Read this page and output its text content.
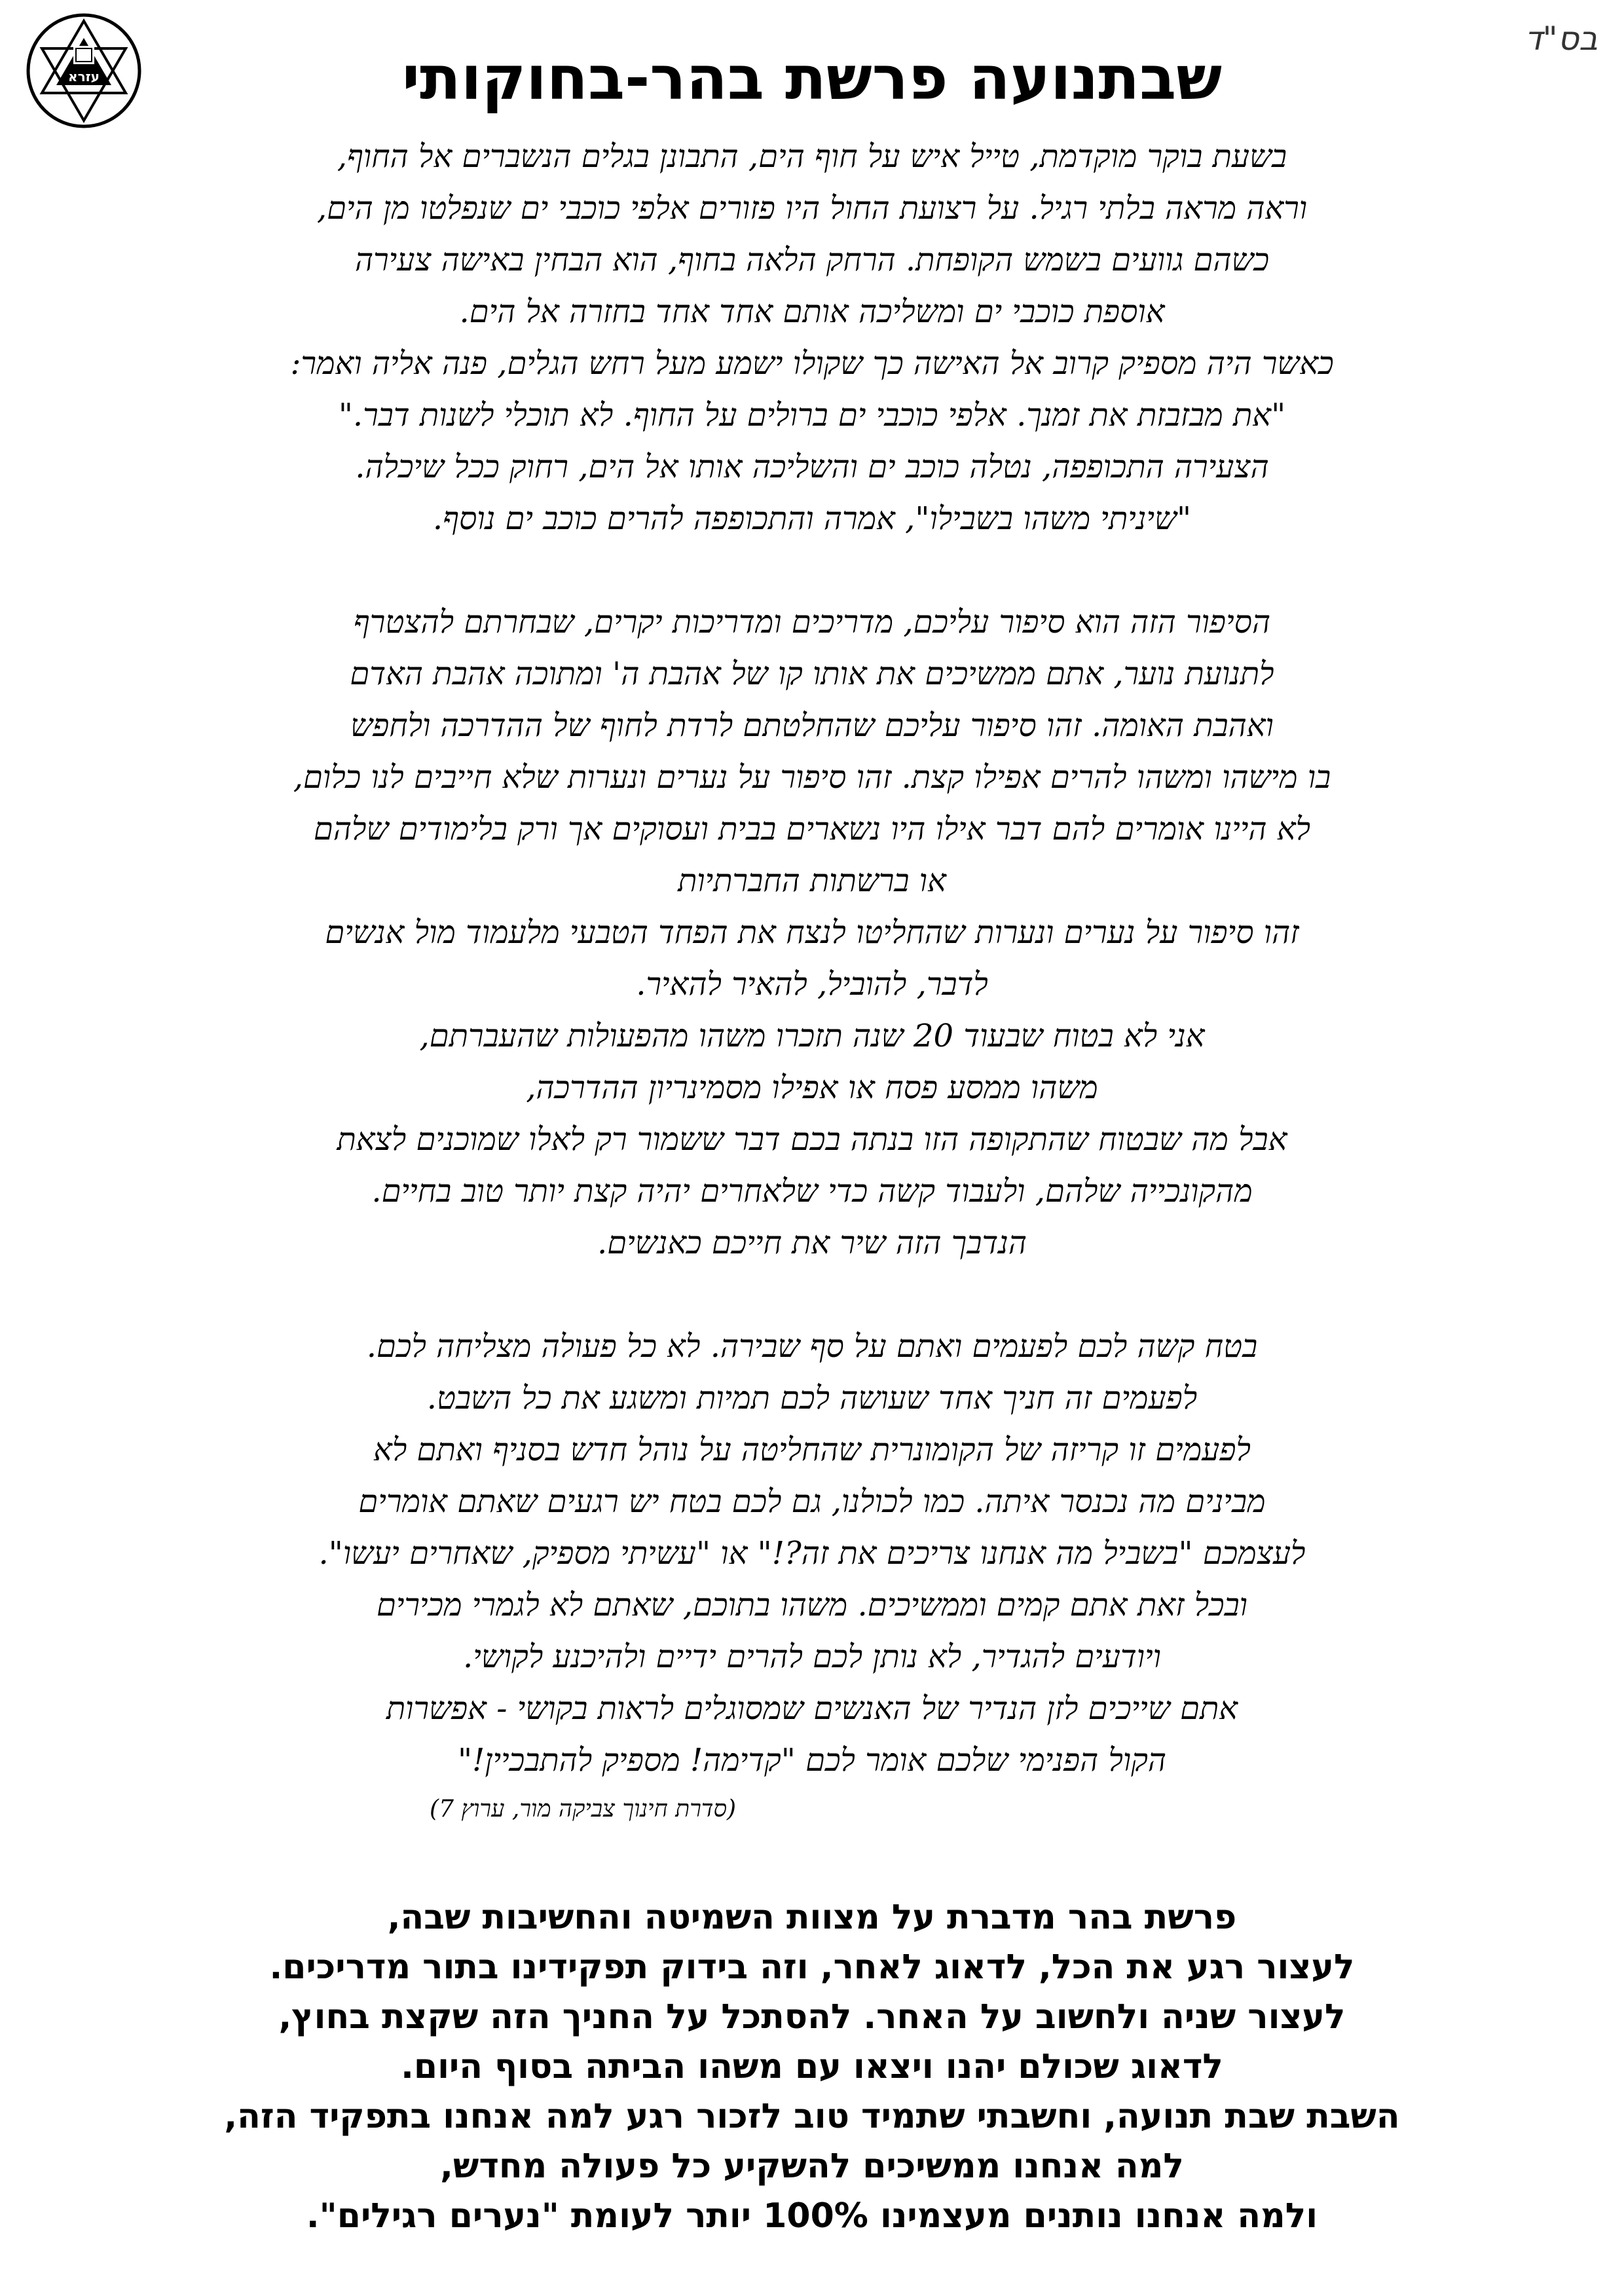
בס"ד
עזרא	שבתנועה פרשת בהר-בחוקותי
בשעת בוקר מוקדמת, טייל איש על חוף הים, התבונן בגלים הנשברים אל החוף,
וראה מראה בלתי רגיל. על רצועת החול היו פזורים אלפי כוכבי ים שנפלטו מן הים,
כשהם גוועים בשמש הקופחת. הרחק הלאה בחוף, הוא הבחין באישה צעירה
אוספת כוכבי ים ומשליכה אותם אחד אחד בחזרה אל הים.
כאשר היה מספיק קרוב אל האישה כך שקולו ישמע מעל רחש הגלים, פנה אליה ואמר:
"את מבזבזת את זמנך. אלפי כוכבי ים ברולים על החוף. לא תוכלי לשנות דבר."
הצעירה התכופפה, נטלה כוכב ים והשליכה אותו אל הים, רחוק ככל שיכלה.
"שיניתי משהו בשבילו", אמרה והתכופפה להרים כוכב ים נוסף.
הסיפור הזה הוא סיפור עליכם, מדריכים ומדריכות יקרים, שבחרתם להצטרף
לתנועת נוער, אתם ממשיכים את אותו קו של אהבת ה' ומתוכה אהבת האדם
ואהבת האומה. זהו סיפור עליכם שהחלטתם לרדת לחוף של ההדרכה ולחפש
בו מישהו ומשהו להרים אפילו קצת. זהו סיפור על נערים ונערות שלא חייבים לנו כלום,
לא היינו אומרים להם דבר אילו היו נשארים בבית ועסוקים אך ורק בלימודים שלהם
או ברשתות החברתיות
זהו סיפור על נערים ונערות שהחליטו לנצח את הפחד הטבעי מלעמוד מול אנשים
לדבר, להוביל, להאיר להאיר.
אני לא בטוח שבעוד 20 שנה תזכרו משהו מהפעולות שהעברתם,
משהו ממסע פסח או אפילו מסמינריון ההדרכה,
אבל מה שבטוח שהתקופה הזו בנתה בכם דבר ששמור רק לאלו שמוכנים לצאת
מהקונכייה שלהם, ולעבוד קשה כדי שלאחרים יהיה קצת יותר טוב בחיים.
הנדבך הזה שיר את חייכם כאנשים.
בטח קשה לכם לפעמים ואתם על סף שבירה. לא כל פעולה מצליחה לכם.
לפעמים זה חניך אחד שעושה לכם תמיות ומשגע את כל השבט.
לפעמים זו קריזה של הקומונרית שהחליטה על נוהל חדש בסניף ואתם לא
מבינים מה נכנסר איתה. כמו לכולנו, גם לכם בטח יש רגעים שאתם אומרים
לעצמכם "בשביל מה אנחנו צריכים את זה?!" או "עשיתי מספיק, שאחרים יעשו".
ובכל זאת אתם קמים וממשיכים. משהו בתוכם, שאתם לא לגמרי מכירים
ויודעים להגדיר, לא נותן לכם להרים ידיים ולהיכנע לקושי.
אתם שייכים לזן הנדיר של האנשים שמסוגלים לראות בקושי - אפשרות
הקול הפנימי שלכם אומר לכם "קדימה! מספיק להתבכיין!"
(סדרת חינוך צביקה מור, ערוץ 7)
פרשת בהר מדברת על מצוות השמיטה והחשיבות שבה,
לעצור רגע את הכל, לדאוג לאחר, וזה בידוק תפקידינו בתור מדריכים.
לעצור שניה ולחשוב על האחר. להסתכל על החניך הזה שקצת בחוץ,
לדאוג שכולם יהנו ויצאו עם משהו הביתה בסוף היום.
השבת שבת תנועה, וחשבתי שתמיד טוב לזכור רגע למה אנחנו בתפקיד הזה,
למה אנחנו ממשיכים להשקיע כל פעולה מחדש,
ולמה אנחנו נותנים מעצמינו 100% יותר לעומת "נערים רגילים".
